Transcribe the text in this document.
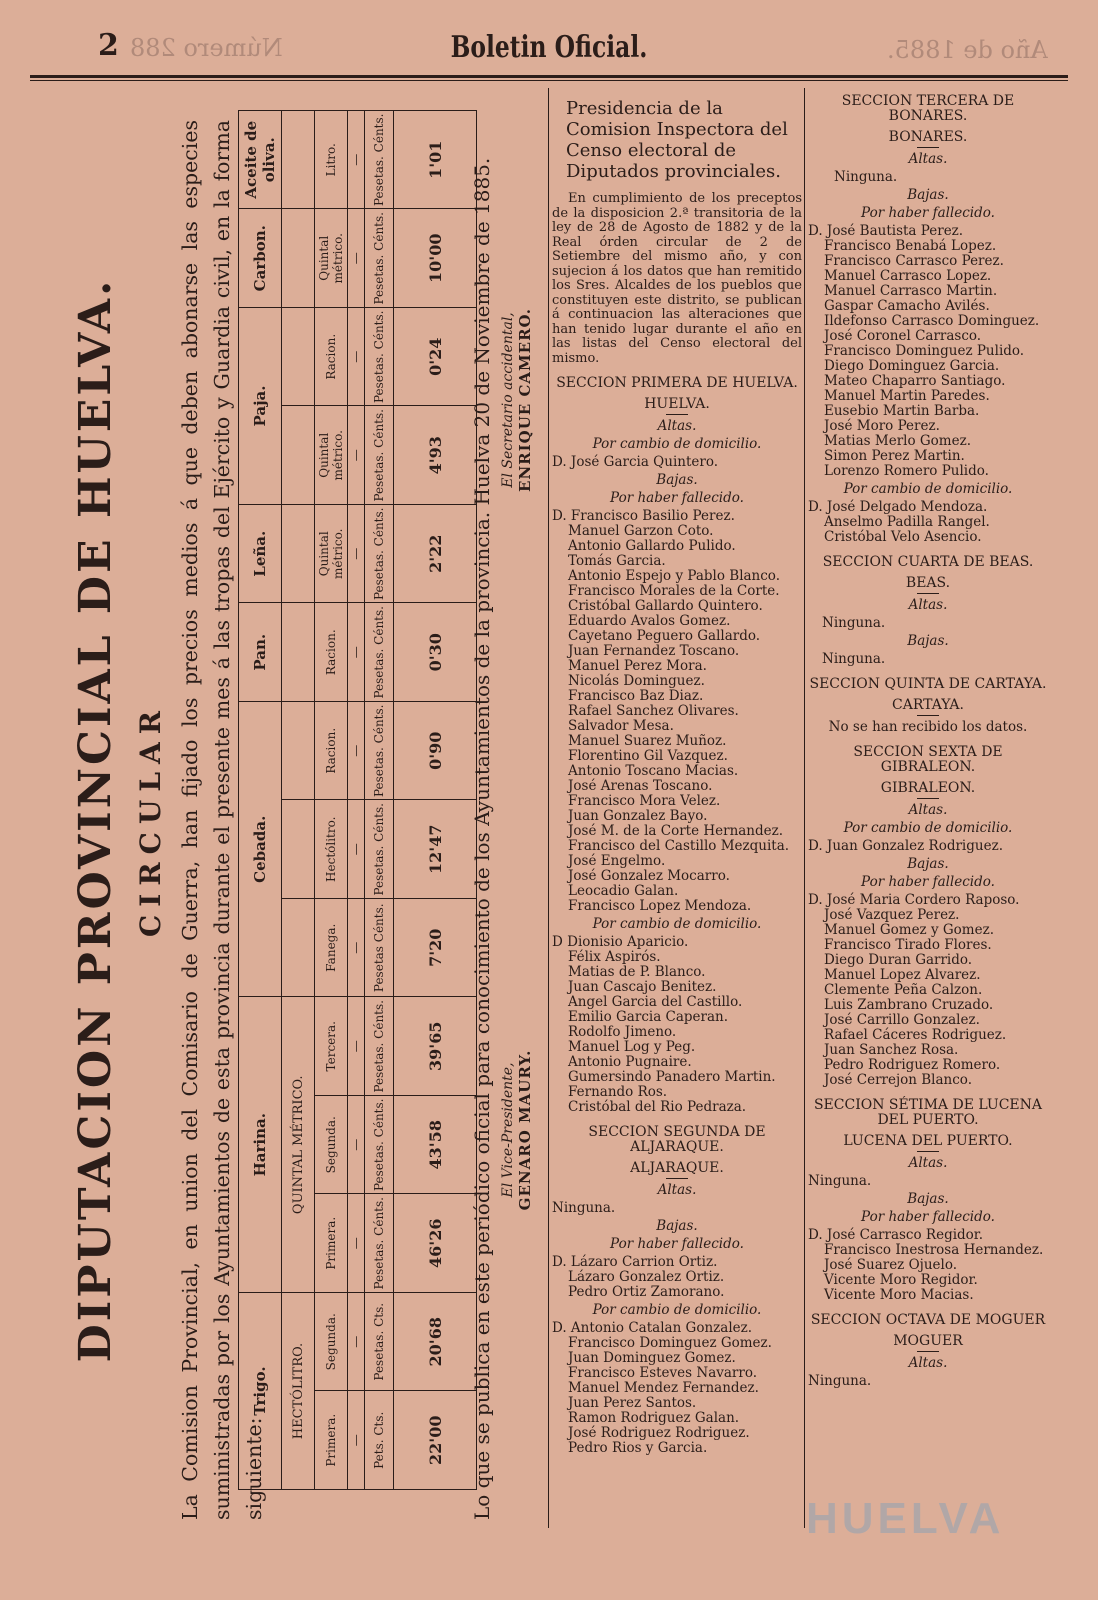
2 Número 288	Boletin Oficial.	Año de 1885.
DIPUTACION PROVINCIAL DE HUELVA. CIRCULAR La Comision Provincial, en union del Comisario de Guerra, han fijado los precios medios á que deben abonarse las especies suministradas por los Ayuntamientos de esta provincia durante el presente mes á las tropas del Ejército y Guardia civil, en la forma siguiente:
Trigo.		Harina.			Cebada.			Pan.	Leña.	Paja.		Carbon.	Aceite de oliva.
HECTÓLITRO.		QUINTAL MÉTRICO.											
Primera.	Segunda.	Primera.	Segunda.	Tercera.	Fanega.	Hectólitro.	Racion.	Racion.	Quintal métrico.	Quintal métrico.	Racion.	Quintal métrico.	Litro.
—	—	—	—	—	—	—	—	—	—	—	—	—	—
Pets. Cts.	Pesetas. Cts.	Pesetas. Cénts.	Pesetas. Cénts.	Pesetas. Cénts.	Pesetas Cénts.	Pesetas. Cénts.	Pesetas. Cénts.	Pesetas. Cénts.	Pesetas. Cénts.	Pesetas. Cénts.	Pesetas. Cénts.	Pesetas. Cénts.	Pesetas. Cénts.
22'00	20'68	46'26	43'58	39'65	7'20	12'47	0'90	0'30	2'22	4'93	0'24	10'00	1'01 Lo que se publica en este periódico oficial para conocimiento de los Ayuntamientos de la provincia. Huelva 20 de Noviembre de 1885. El Vice-Presidente, GENARO MAURY.
El Secretario accidental, ENRIQUE CAMERO.
Presidencia de la Comision Inspectora del Censo electoral de Diputados provinciales.
En cumplimiento de los preceptos de la disposicion 2.ª transitoria de la ley de 28 de Agosto de 1882 y de la Real órden circular de 2 de Setiembre del mismo año, y con sujecion á los datos que han remitido los Sres. Alcaldes de los pueblos que constituyen este distrito, se publican á continuacion las alteraciones que han tenido lugar durante el año en las listas del Censo electoral del mismo.
SECCION PRIMERA DE HUELVA.
HUELVA.
Altas.
Por cambio de domicilio.
D. José Garcia Quintero.
Bajas.
Por haber fallecido.
D. Francisco Basilio Perez.
Manuel Garzon Coto.
Antonio Gallardo Pulido.
Tomás Garcia.
Antonio Espejo y Pablo Blanco.
Francisco Morales de la Corte.
Cristóbal Gallardo Quintero.
Eduardo Avalos Gomez.
Cayetano Peguero Gallardo.
Juan Fernandez Toscano.
Manuel Perez Mora.
Nicolás Dominguez.
Francisco Baz Diaz.
Rafael Sanchez Olivares.
Salvador Mesa.
Manuel Suarez Muñoz.
Florentino Gil Vazquez.
Antonio Toscano Macias.
José Arenas Toscano.
Francisco Mora Velez.
Juan Gonzalez Bayo.
José M. de la Corte Hernandez.
Francisco del Castillo Mezquita.
José Engelmo.
José Gonzalez Mocarro.
Leocadio Galan.
Francisco Lopez Mendoza.
Por cambio de domicilio.
D Dionisio Aparicio.
Félix Aspirós.
Matias de P. Blanco.
Juan Cascajo Benitez.
Angel Garcia del Castillo.
Emilio Garcia Caperan.
Rodolfo Jimeno.
Manuel Log y Peg.
Antonio Pugnaire.
Gumersindo Panadero Martin.
Fernando Ros.
Cristóbal del Rio Pedraza.
SECCION SEGUNDA DE ALJARAQUE.
ALJARAQUE.
Altas.
Ninguna.
Bajas.
Por haber fallecido.
D. Lázaro Carrion Ortiz.
Lázaro Gonzalez Ortiz.
Pedro Ortiz Zamorano.
Por cambio de domicilio.
D. Antonio Catalan Gonzalez.
Francisco Dominguez Gomez.
Juan Dominguez Gomez.
Francisco Esteves Navarro.
Manuel Mendez Fernandez.
Juan Perez Santos.
Ramon Rodriguez Galan.
José Rodriguez Rodriguez.
Pedro Rios y Garcia.
SECCION TERCERA DE BONARES.
BONARES.
Altas.
Ninguna.
Bajas.
Por haber fallecido.
D. José Bautista Perez.
Francisco Benabá Lopez.
Francisco Carrasco Perez.
Manuel Carrasco Lopez.
Manuel Carrasco Martin.
Gaspar Camacho Avilés.
Ildefonso Carrasco Dominguez.
José Coronel Carrasco.
Francisco Dominguez Pulido.
Diego Dominguez Garcia.
Mateo Chaparro Santiago.
Manuel Martin Paredes.
Eusebio Martin Barba.
José Moro Perez.
Matias Merlo Gomez.
Simon Perez Martin.
Lorenzo Romero Pulido.
Por cambio de domicilio.
D. José Delgado Mendoza.
Anselmo Padilla Rangel.
Cristóbal Velo Asencio.
SECCION CUARTA DE BEAS.
BEAS.
Altas.
Ninguna.
Bajas.
Ninguna.
SECCION QUINTA DE CARTAYA.
CARTAYA.
No se han recibido los datos.
SECCION SEXTA DE GIBRALEON.
GIBRALEON.
Altas.
Por cambio de domicilio.
D. Juan Gonzalez Rodriguez.
Bajas.
Por haber fallecido.
D. José Maria Cordero Raposo.
José Vazquez Perez.
Manuel Gomez y Gomez.
Francisco Tirado Flores.
Diego Duran Garrido.
Manuel Lopez Alvarez.
Clemente Peña Calzon.
Luis Zambrano Cruzado.
José Carrillo Gonzalez.
Rafael Cáceres Rodriguez.
Juan Sanchez Rosa.
Pedro Rodriguez Romero.
José Cerrejon Blanco.
SECCION SÉTIMA DE LUCENA DEL PUERTO.
LUCENA DEL PUERTO.
Altas.
Ninguna.
Bajas.
Por haber fallecido.
D. José Carrasco Regidor.
Francisco Inestrosa Hernandez.
José Suarez Ojuelo.
Vicente Moro Regidor.
Vicente Moro Macias.
SECCION OCTAVA DE MOGUER
MOGUER
Altas.
Ninguna.
HUELVA
